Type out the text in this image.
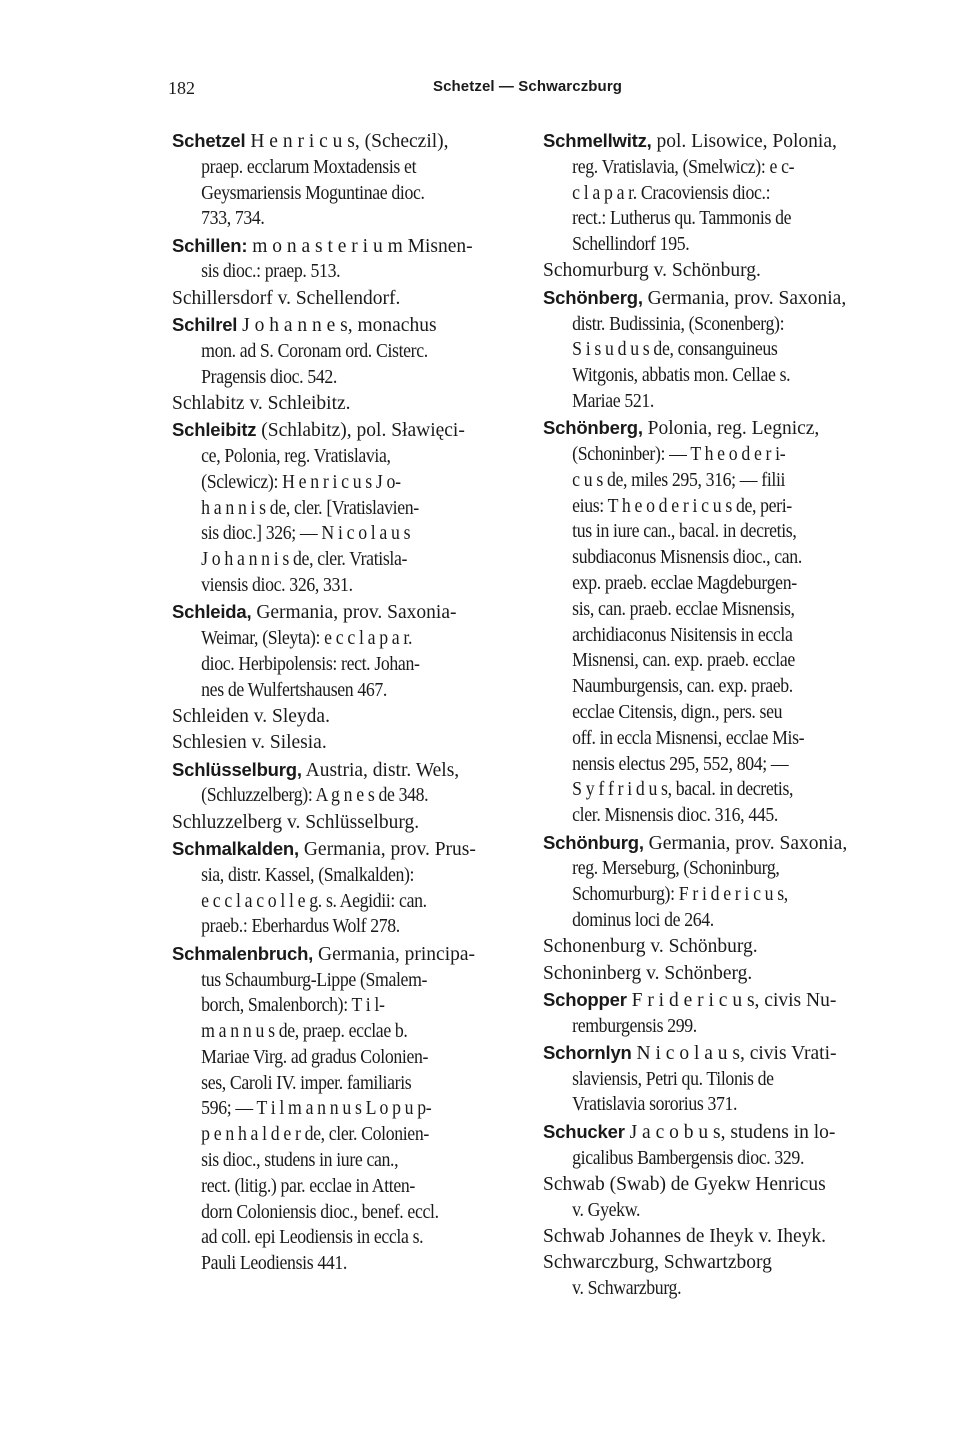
182	Schetzel — Schwarczburg
Schetzel H e n r i c u s, (Scheczil),
praep. ecclarum Moxtadensis et
Geysmariensis Moguntinae dioc.
733, 734.
Schillen: m o n a s t e r i u m Misnen-
sis dioc.: praep. 513.
Schillersdorf v. Schellendorf.
Schilrel J o h a n n e s, monachus
mon. ad S. Coronam ord. Cisterc.
Pragensis dioc. 542.
Schlabitz v. Schleibitz.
Schleibitz (Schlabitz), pol. Sławięci-
ce, Polonia, reg. Vratislavia,
(Sclewicz): H e n r i c u s J o-
h a n n i s de, cler. [Vratislavien-
sis dioc.] 326; — N i c o l a u s
J o h a n n i s de, cler. Vratisla-
viensis dioc. 326, 331.
Schleida, Germania, prov. Saxonia-
Weimar, (Sleyta): e c c l a p a r.
dioc. Herbipolensis: rect. Johan-
nes de Wulfertshausen 467.
Schleiden v. Sleyda.
Schlesien v. Silesia.
Schlüsselburg, Austria, distr. Wels,
(Schluzzelberg): A g n e s de 348.
Schluzzelberg v. Schlüsselburg.
Schmalkalden, Germania, prov. Prus-
sia, distr. Kassel, (Smalkalden):
e c c l a c o l l e g. s. Aegidii: can.
praeb.: Eberhardus Wolf 278.
Schmalenbruch, Germania, principa-
tus Schaumburg-Lippe (Smalem-
borch, Smalenborch): T i l-
m a n n u s de, praep. ecclae b.
Mariae Virg. ad gradus Colonien-
ses, Caroli IV. imper. familiaris
596; — T i l m a n n u s L o p u p-
p e n h a l d e r de, cler. Colonien-
sis dioc., studens in iure can.,
rect. (litig.) par. ecclae in Atten-
dorn Coloniensis dioc., benef. eccl.
ad coll. epi Leodiensis in eccla s.
Pauli Leodiensis 441.
Schmellwitz, pol. Lisowice, Polonia,
reg. Vratislavia, (Smelwicz): e c-
c l a p a r. Cracoviensis dioc.:
rect.: Lutherus qu. Tammonis de
Schellindorf 195.
Schomurburg v. Schönburg.
Schönberg, Germania, prov. Saxonia,
distr. Budissinia, (Sconenberg):
S i s u d u s de, consanguineus
Witgonis, abbatis mon. Cellae s.
Mariae 521.
Schönberg, Polonia, reg. Legnicz,
(Schoninber): — T h e o d e r i-
c u s de, miles 295, 316; — filii
eius: T h e o d e r i c u s de, peri-
tus in iure can., bacal. in decretis,
subdiaconus Misnensis dioc., can.
exp. praeb. ecclae Magdeburgen-
sis, can. praeb. ecclae Misnensis,
archidiaconus Nisitensis in eccla
Misnensi, can. exp. praeb. ecclae
Naumburgensis, can. exp. praeb.
ecclae Citensis, dign., pers. seu
off. in eccla Misnensi, ecclae Mis-
nensis electus 295, 552, 804; —
S y f f r i d u s, bacal. in decretis,
cler. Misnensis dioc. 316, 445.
Schönburg, Germania, prov. Saxonia,
reg. Merseburg, (Schoninburg,
Schomurburg): F r i d e r i c u s,
dominus loci de 264.
Schonenburg v. Schönburg.
Schoninberg v. Schönberg.
Schopper F r i d e r i c u s, civis Nu-
remburgensis 299.
Schornlyn N i c o l a u s, civis Vrati-
slaviensis, Petri qu. Tilonis de
Vratislavia sororius 371.
Schucker J a c o b u s, studens in lo-
gicalibus Bambergensis dioc. 329.
Schwab (Swab) de Gyekw Henricus
v. Gyekw.
Schwab Johannes de Iheyk v. Iheyk.
Schwarczburg, Schwartzborg
v. Schwarzburg.
